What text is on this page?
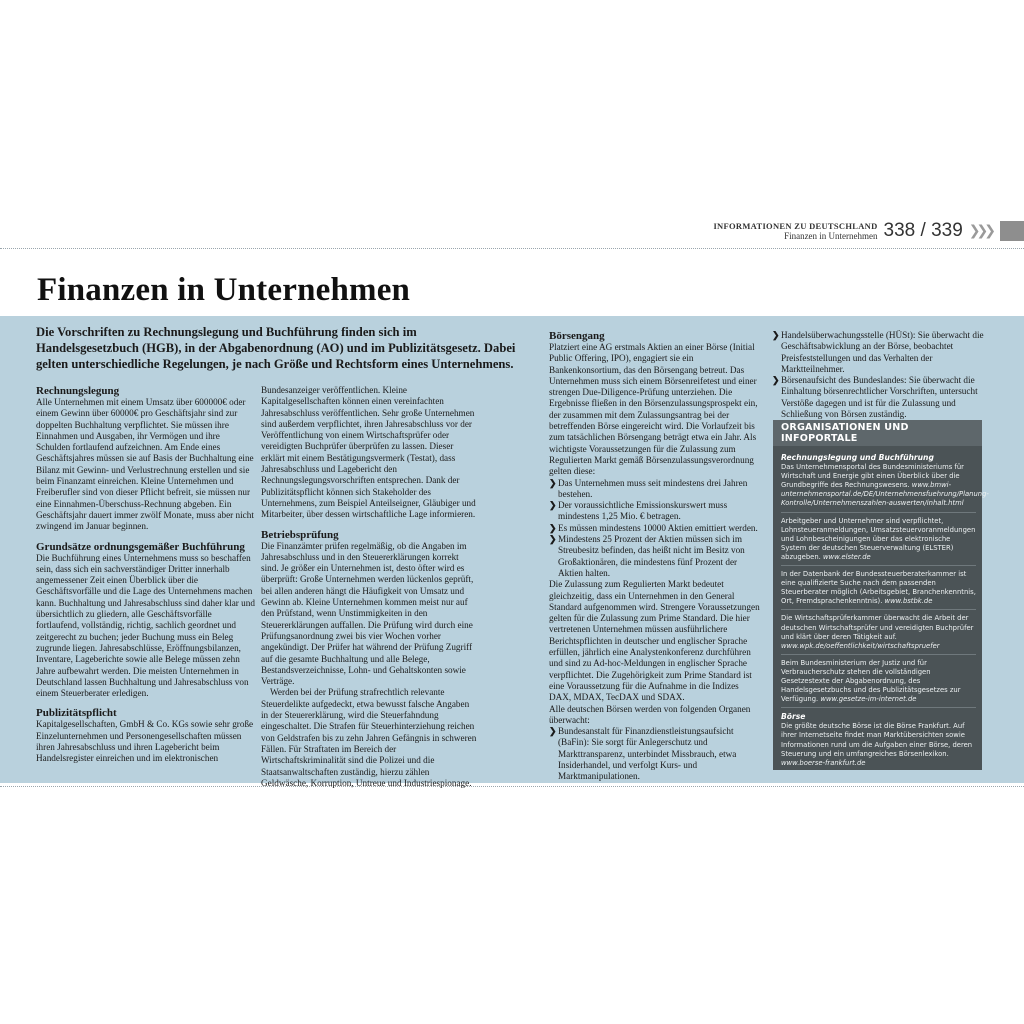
INFORMATIONEN ZU DEUTSCHLAND
Finanzen in Unternehmen 338 / 339 ❯❯❯
Finanzen in Unternehmen

Die Vorschriften zu Rechnungslegung und Buchführung finden sich im Handelsgesetzbuch (HGB), in der Abgabenordnung (AO) und im Publizitätsgesetz. Dabei gelten unterschiedliche Regelungen, je nach Größe und Rechtsform eines Unternehmens.

Rechnungslegung

Alle Unternehmen mit einem Umsatz über 600000€ oder einem Gewinn über 60000€ pro Geschäftsjahr sind zur doppelten Buchhaltung verpflichtet. Sie müssen ihre Einnahmen und Ausgaben, ihr Vermögen und ihre Schulden fortlaufend aufzeichnen. Am Ende eines Geschäftsjahres müssen sie auf Basis der Buchhaltung eine Bilanz mit Gewinn- und Verlustrechnung erstellen und sie beim Finanzamt einreichen. Kleine Unternehmen und Freiberufler sind von dieser Pflicht befreit, sie müssen nur eine Einnahmen-Überschuss-Rechnung abgeben. Ein Geschäftsjahr dauert immer zwölf Monate, muss aber nicht zwingend im Januar beginnen.

Grundsätze ordnungsgemäßer Buchführung

Die Buchführung eines Unternehmens muss so beschaffen sein, dass sich ein sachverständiger Dritter innerhalb angemessener Zeit einen Überblick über die Geschäftsvorfälle und die Lage des Unternehmens machen kann. Buchhaltung und Jahresabschluss sind daher klar und übersichtlich zu gliedern, alle Geschäftsvorfälle fortlaufend, vollständig, richtig, sachlich geordnet und zeitgerecht zu buchen; jeder Buchung muss ein Beleg zugrunde liegen. Jahresabschlüsse, Eröffnungsbilanzen, Inventare, Lageberichte sowie alle Belege müssen zehn Jahre aufbewahrt werden. Die meisten Unternehmen in Deutschland lassen Buchhaltung und Jahresabschluss von einem Steuerberater erledigen.

Publizitätspflicht

Kapitalgesellschaften, GmbH & Co. KGs sowie sehr große Einzelunternehmen und Personengesellschaften müssen ihren Jahresabschluss und ihren Lagebericht beim Handelsregister einreichen und im elektronischen

Bundesanzeiger veröffentlichen. Kleine Kapitalgesellschaften können einen vereinfachten Jahresabschluss veröffentlichen. Sehr große Unternehmen sind außerdem verpflichtet, ihren Jahresabschluss vor der Veröffentlichung von einem Wirtschaftsprüfer oder vereidigten Buchprüfer überprüfen zu lassen. Dieser erklärt mit einem Bestätigungsvermerk (Testat), dass Jahresabschluss und Lagebericht den Rechnungslegungsvorschriften entsprechen. Dank der Publizitätspflicht können sich Stakeholder des Unternehmens, zum Beispiel Anteilseigner, Gläubiger und Mitarbeiter, über dessen wirtschaftliche Lage informieren.

Betriebsprüfung

Die Finanzämter prüfen regelmäßig, ob die Angaben im Jahresabschluss und in den Steuererklärungen korrekt sind. Je größer ein Unternehmen ist, desto öfter wird es überprüft: Große Unternehmen werden lückenlos geprüft, bei allen anderen hängt die Häufigkeit von Umsatz und Gewinn ab. Kleine Unternehmen kommen meist nur auf den Prüfstand, wenn Unstimmigkeiten in den Steuererklärungen auffallen. Die Prüfung wird durch eine Prüfungsanordnung zwei bis vier Wochen vorher angekündigt. Der Prüfer hat während der Prüfung Zugriff auf die gesamte Buchhaltung und alle Belege, Bestandsverzeichnisse, Lohn- und Gehaltskonten sowie Verträge.

Werden bei der Prüfung strafrechtlich relevante Steuerdelikte aufgedeckt, etwa bewusst falsche Angaben in der Steuererklärung, wird die Steuerfahndung eingeschaltet. Die Strafen für Steuerhinterziehung reichen von Geldstrafen bis zu zehn Jahren Gefängnis in schweren Fällen. Für Straftaten im Bereich der Wirtschaftskriminalität sind die Polizei und die Staatsanwaltschaften zuständig, hierzu zählen Geldwäsche, Korruption, Untreue und Industriespionage.

Börsengang

Platziert eine AG erstmals Aktien an einer Börse (Initial Public Offering, IPO), engagiert sie ein Bankenkonsortium, das den Börsengang betreut. Das Unternehmen muss sich einem Börsenreifetest und einer strengen Due-Diligence-Prüfung unterziehen. Die Ergebnisse fließen in den Börsenzulassungsprospekt ein, der zusammen mit dem Zulassungsantrag bei der betreffenden Börse eingereicht wird. Die Vorlaufzeit bis zum tatsächlichen Börsengang beträgt etwa ein Jahr. Als wichtigste Voraussetzungen für die Zulassung zum Regulierten Markt gemäß Börsenzulassungsverordnung gelten diese:

❯ Das Unternehmen muss seit mindestens drei Jahren bestehen.
❯ Der voraussichtliche Emissionskurswert muss mindestens 1,25 Mio. € betragen.
❯ Es müssen mindestens 10000 Aktien emittiert werden.
❯ Mindestens 25 Prozent der Aktien müssen sich im Streubesitz befinden, das heißt nicht im Besitz von Großaktionären, die mindestens fünf Prozent der Aktien halten.

Die Zulassung zum Regulierten Markt bedeutet gleichzeitig, dass ein Unternehmen in den General Standard aufgenommen wird. Strengere Voraussetzungen gelten für die Zulassung zum Prime Standard. Die hier vertretenen Unternehmen müssen ausführlichere Berichtspflichten in deutscher und englischer Sprache erfüllen, jährlich eine Analystenkonferenz durchführen und sind zu Ad-hoc-Meldungen in englischer Sprache verpflichtet. Die Zugehörigkeit zum Prime Standard ist eine Voraussetzung für die Aufnahme in die Indizes DAX, MDAX, TecDAX und SDAX.

Alle deutschen Börsen werden von folgenden Organen überwacht:

❯ Bundesanstalt für Finanzdienstleistungsaufsicht (BaFin): Sie sorgt für Anlegerschutz und Markttransparenz, unterbindet Missbrauch, etwa Insiderhandel, und verfolgt Kurs- und Marktmanipulationen.
❯ Handelsüberwachungsstelle (HÜSt): Sie überwacht die Geschäftsabwicklung an der Börse, beobachtet Preisfeststellungen und das Verhalten der Marktteilnehmer.
❯ Börsenaufsicht des Bundeslandes: Sie überwacht die Einhaltung börsenrechtlicher Vorschriften, untersucht Verstöße dagegen und ist für die Zulassung und Schließung von Börsen zuständig.
ORGANISATIONEN UND INFOPORTALE
Rechnungslegung und Buchführung
Das Unternehmensportal des Bundesministeriums für Wirtschaft und Energie gibt einen Überblick über die Grundbegriffe des Rechnungswesens. www.bmwi-unternehmensportal.de/DE/Unternehmensfuehrung/Planung-Kontrolle/Unternehmenszahlen-auswerten/inhalt.html
Arbeitgeber und Unternehmer sind verpflichtet, Lohnsteueranmeldungen, Umsatzsteuervoranmeldungen und Lohnbescheinigungen über das elektronische System der deutschen Steuerverwaltung (ELSTER) abzugeben. www.elster.de
In der Datenbank der Bundessteuerberaterkammer ist eine qualifizierte Suche nach dem passenden Steuerberater möglich (Arbeitsgebiet, Branchenkenntnis, Ort, Fremdsprachenkenntnis). www.bstbk.de
Die Wirtschaftsprüferkammer überwacht die Arbeit der deutschen Wirtschaftsprüfer und vereidigten Buchprüfer und klärt über deren Tätigkeit auf. www.wpk.de/oeffentlichkeit/wirtschaftspruefer
Beim Bundesministerium der Justiz und für Verbraucherschutz stehen die vollständigen Gesetzestexte der Abgabenordnung, des Handelsgesetzbuchs und des Publizitätsgesetzes zur Verfügung. www.gesetze-im-internet.de
Börse
Die größte deutsche Börse ist die Börse Frankfurt. Auf ihrer Internetseite findet man Marktübersichten sowie Informationen rund um die Aufgaben einer Börse, deren Steuerung und ein umfangreiches Börsenlexikon. www.boerse-frankfurt.de
